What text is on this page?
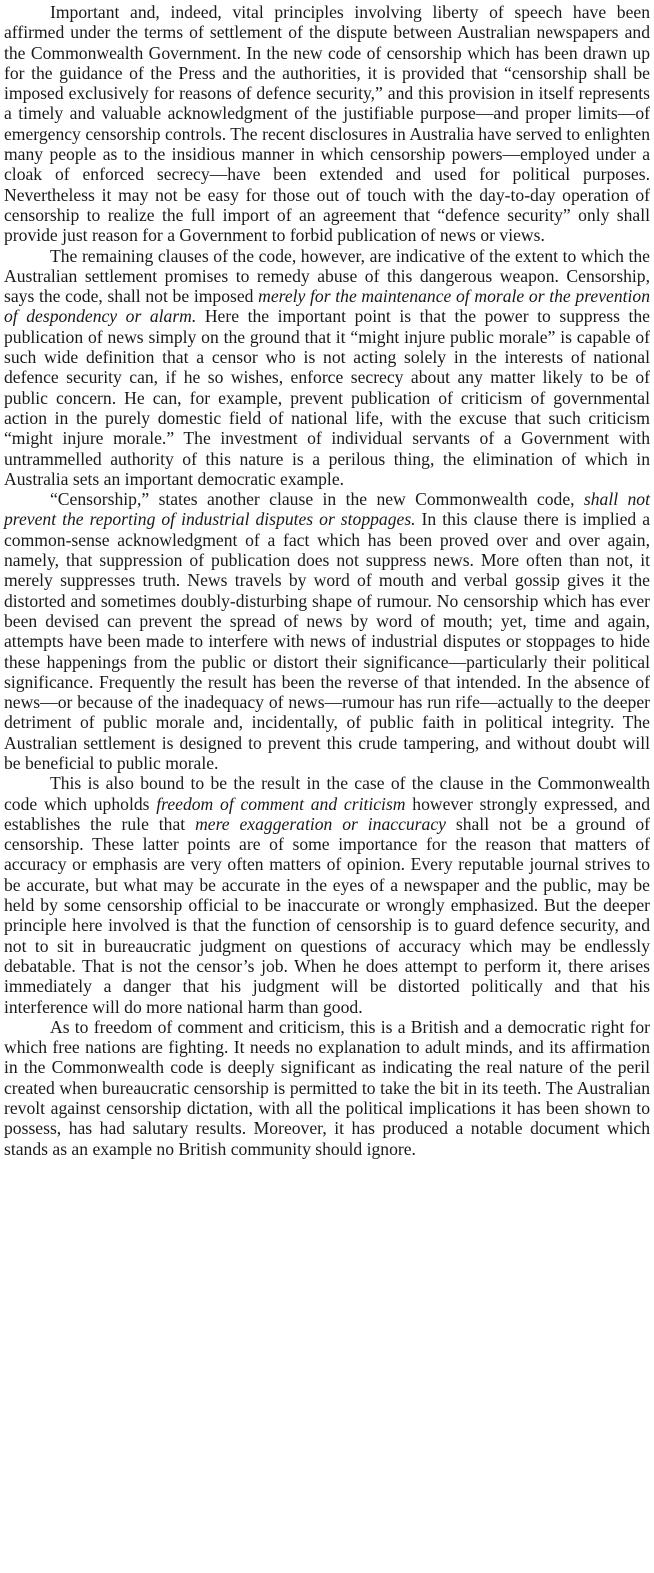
Important and, indeed, vital principles involving liberty of speech have been affirmed under the terms of settlement of the dispute between Australian newspapers and the Commonwealth Government. In the new code of censorship which has been drawn up for the guidance of the Press and the authorities, it is provided that “censorship shall be imposed exclusively for reasons of defence security,” and this provision in itself represents a timely and valuable acknowledgment of the justifiable purpose—and proper limits—of emergency censorship controls. The recent disclosures in Australia have served to enlighten many people as to the insidious manner in which censorship powers—employed under a cloak of enforced secrecy—have been extended and used for political purposes. Nevertheless it may not be easy for those out of touch with the day-to-day operation of censorship to realize the full import of an agreement that “defence security” only shall provide just reason for a Government to forbid publication of news or views.

The remaining clauses of the code, however, are indicative of the extent to which the Australian settlement promises to remedy abuse of this dangerous weapon. Censorship, says the code, shall not be imposed merely for the maintenance of morale or the prevention of despondency or alarm. Here the important point is that the power to suppress the publication of news simply on the ground that it “might injure public morale” is capable of such wide definition that a censor who is not acting solely in the interests of national defence security can, if he so wishes, enforce secrecy about any matter likely to be of public concern. He can, for example, prevent publication of criticism of governmental action in the purely domestic field of national life, with the excuse that such criticism “might injure morale.” The investment of individual servants of a Government with untrammelled authority of this nature is a perilous thing, the elimination of which in Australia sets an important democratic example.

“Censorship,” states another clause in the new Commonwealth code, shall not prevent the reporting of industrial disputes or stoppages. In this clause there is implied a common-sense acknowledgment of a fact which has been proved over and over again, namely, that suppression of publication does not suppress news. More often than not, it merely suppresses truth. News travels by word of mouth and verbal gossip gives it the distorted and sometimes doubly-disturbing shape of rumour. No censorship which has ever been devised can prevent the spread of news by word of mouth; yet, time and again, attempts have been made to interfere with news of industrial disputes or stoppages to hide these happenings from the public or distort their significance—particularly their political significance. Frequently the result has been the reverse of that intended. In the absence of news—or because of the inadequacy of news—rumour has run rife—actually to the deeper detriment of public morale and, incidentally, of public faith in political integrity. The Australian settlement is designed to prevent this crude tampering, and without doubt will be beneficial to public morale.

This is also bound to be the result in the case of the clause in the Commonwealth code which upholds freedom of comment and criticism however strongly expressed, and establishes the rule that mere exaggeration or inaccuracy shall not be a ground of censorship. These latter points are of some importance for the reason that matters of accuracy or emphasis are very often matters of opinion. Every reputable journal strives to be accurate, but what may be accurate in the eyes of a newspaper and the public, may be held by some censorship official to be inaccurate or wrongly emphasized. But the deeper principle here involved is that the function of censorship is to guard defence security, and not to sit in bureaucratic judgment on questions of accuracy which may be endlessly debatable. That is not the censor’s job. When he does attempt to perform it, there arises immediately a danger that his judgment will be distorted politically and that his interference will do more national harm than good.

As to freedom of comment and criticism, this is a British and a democratic right for which free nations are fighting. It needs no explanation to adult minds, and its affirmation in the Commonwealth code is deeply significant as indicating the real nature of the peril created when bureaucratic censorship is permitted to take the bit in its teeth. The Australian revolt against censorship dictation, with all the political implications it has been shown to possess, has had salutary results. Moreover, it has produced a notable document which stands as an example no British community should ignore.
